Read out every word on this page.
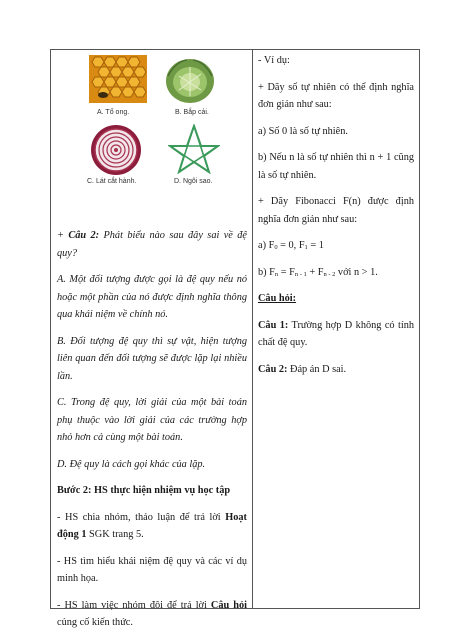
A. Tổ ong.	B. Bắp cải.
C. Lát cắt hành.	D. Ngôi sao.

+ Câu 2: Phát biểu nào sau đây sai về đệ quy?

A. Một đối tượng được gọi là đệ quy nếu nó hoặc một phần của nó được định nghĩa thông qua khái niệm về chính nó.

B. Đối tượng đệ quy thì sự vật, hiện tượng liên quan đến đối tượng sẽ được lặp lại nhiều lần.

C. Trong đệ quy, lời giải của một bài toán phụ thuộc vào lời giải của các trường hợp nhỏ hơn cả cùng một bài toán.

D. Đệ quy là cách gọi khác của lặp.

Bước 2: HS thực hiện nhiệm vụ học tập

- HS chia nhóm, thảo luận để trả lời Hoạt động 1 SGK trang 5.

- HS tìm hiểu khái niệm đệ quy và các ví dụ minh họa.

- HS làm việc nhóm đôi để trả lời Câu hỏi củng cố kiến thức.

- Ví dụ:

+ Dãy số tự nhiên có thể định nghĩa đơn giản như sau:

a) Số 0 là số tự nhiên.

b) Nếu n là số tự nhiên thì n + 1 cũng là số tự nhiên.

+ Dãy Fibonacci F(n) được định nghĩa đơn giản như sau:

a) $F_0 = 0$, $F_1 = 1$

b) $F_n = F_{n - 1} + F_{n - 2}$ với n > 1.

Câu hỏi:

Câu 1: Trường hợp D không có tính chất đệ quy.

Câu 2: Đáp án D sai.
